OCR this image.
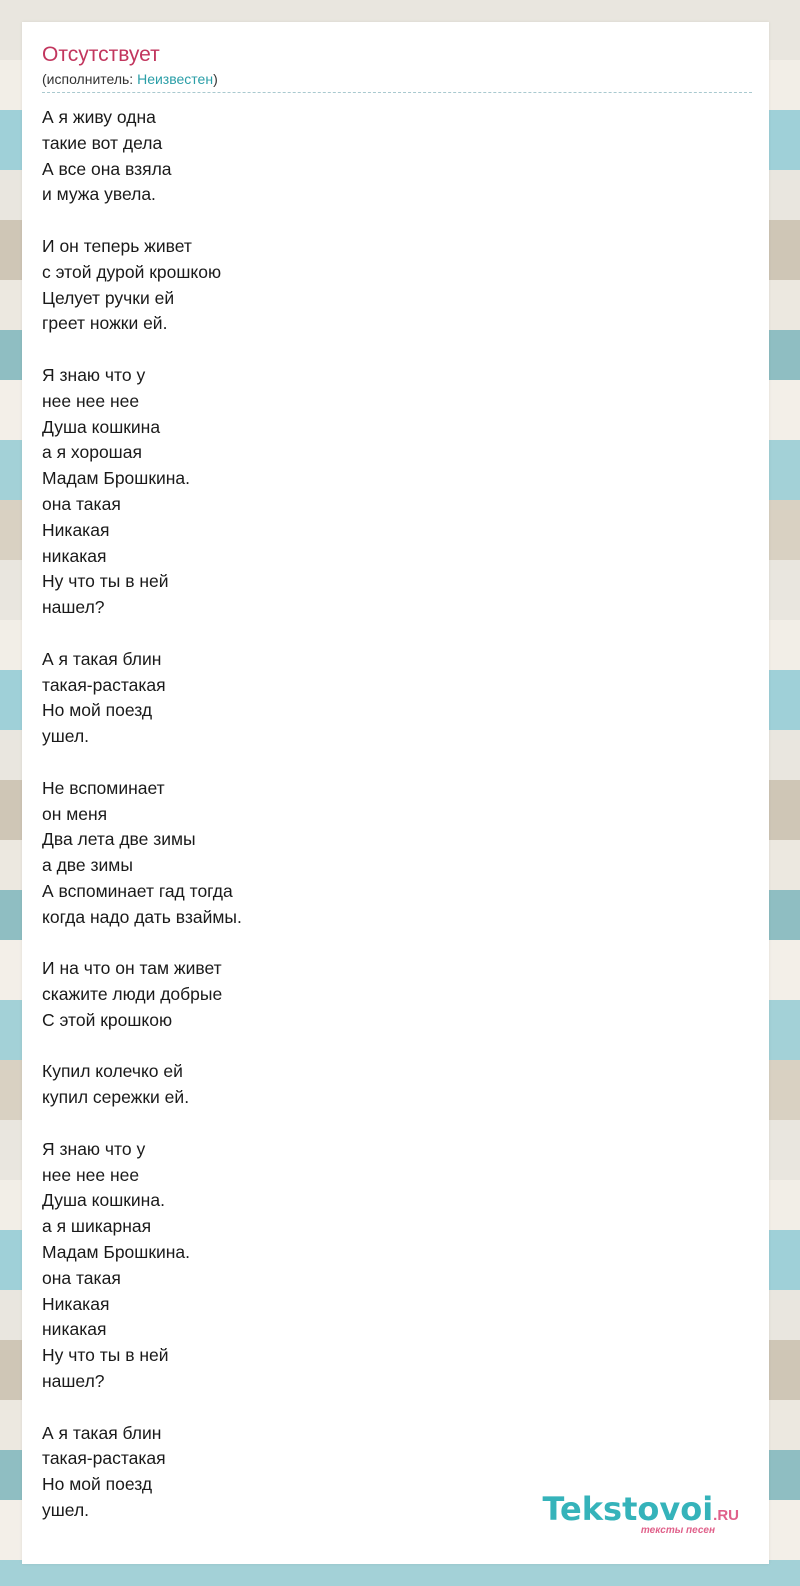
Отсутствует
(исполнитель: Неизвестен)
А я живу одна
такие вот дела
А все она взяла
и мужа увела.
И он теперь живет
с этой дурой крошкою
Целует ручки ей
греет ножки ей.
Я знаю что у
нее нее нее
Душа кошкина
а я хорошая
Мадам Брошкина.
она такая
Никакая
никакая
Ну что ты в ней
нашел?
А я такая блин
такая-растакая
Но мой поезд
ушел.
Не вспоминает
он меня
Два лета две зимы
а две зимы
А вспоминает гад тогда
когда надо дать взаймы.
И на что он там живет
скажите люди добрые
С этой крошкою
Купил колечко ей
купил сережки ей.
Я знаю что у
нее нее нее
Душа кошкина.
а я шикарная
Мадам Брошкина.
она такая
Никакая
никакая
Ну что ты в ней
нашел?
А я такая блин
такая-растакая
Но мой поезд
ушел.	Tekstovoi.RU
тексты песен
